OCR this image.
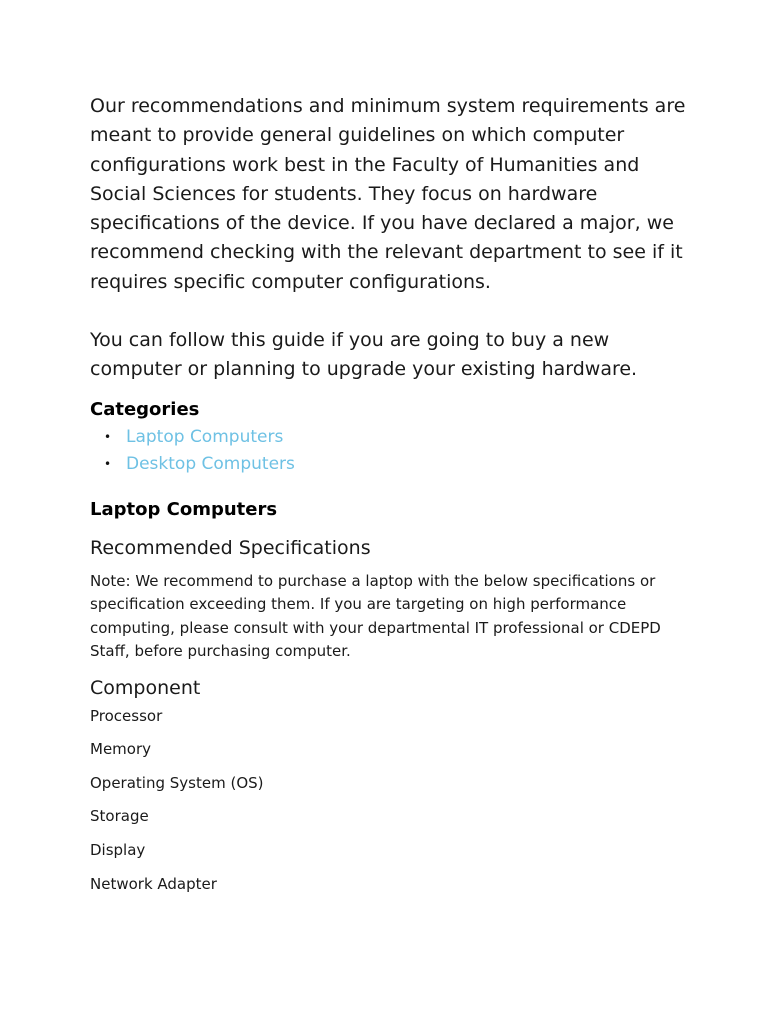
Our recommendations and minimum system requirements are meant to provide general guidelines on which computer configurations work best in the Faculty of Humanities and Social Sciences for students. They focus on hardware specifications of the device. If you have declared a major, we recommend checking with the relevant department to see if it requires specific computer configurations.

You can follow this guide if you are going to buy a new computer or planning to upgrade your existing hardware.

Categories
• Laptop Computers
• Desktop Computers
Laptop Computers
Recommended Specifications

Note: We recommend to purchase a laptop with the below specifications or specification exceeding them. If you are targeting on high performance computing, please consult with your departmental IT professional or CDEPD Staff, before purchasing computer.

Component
Processor
Memory
Operating System (OS)
Storage
Display
Network Adapter
